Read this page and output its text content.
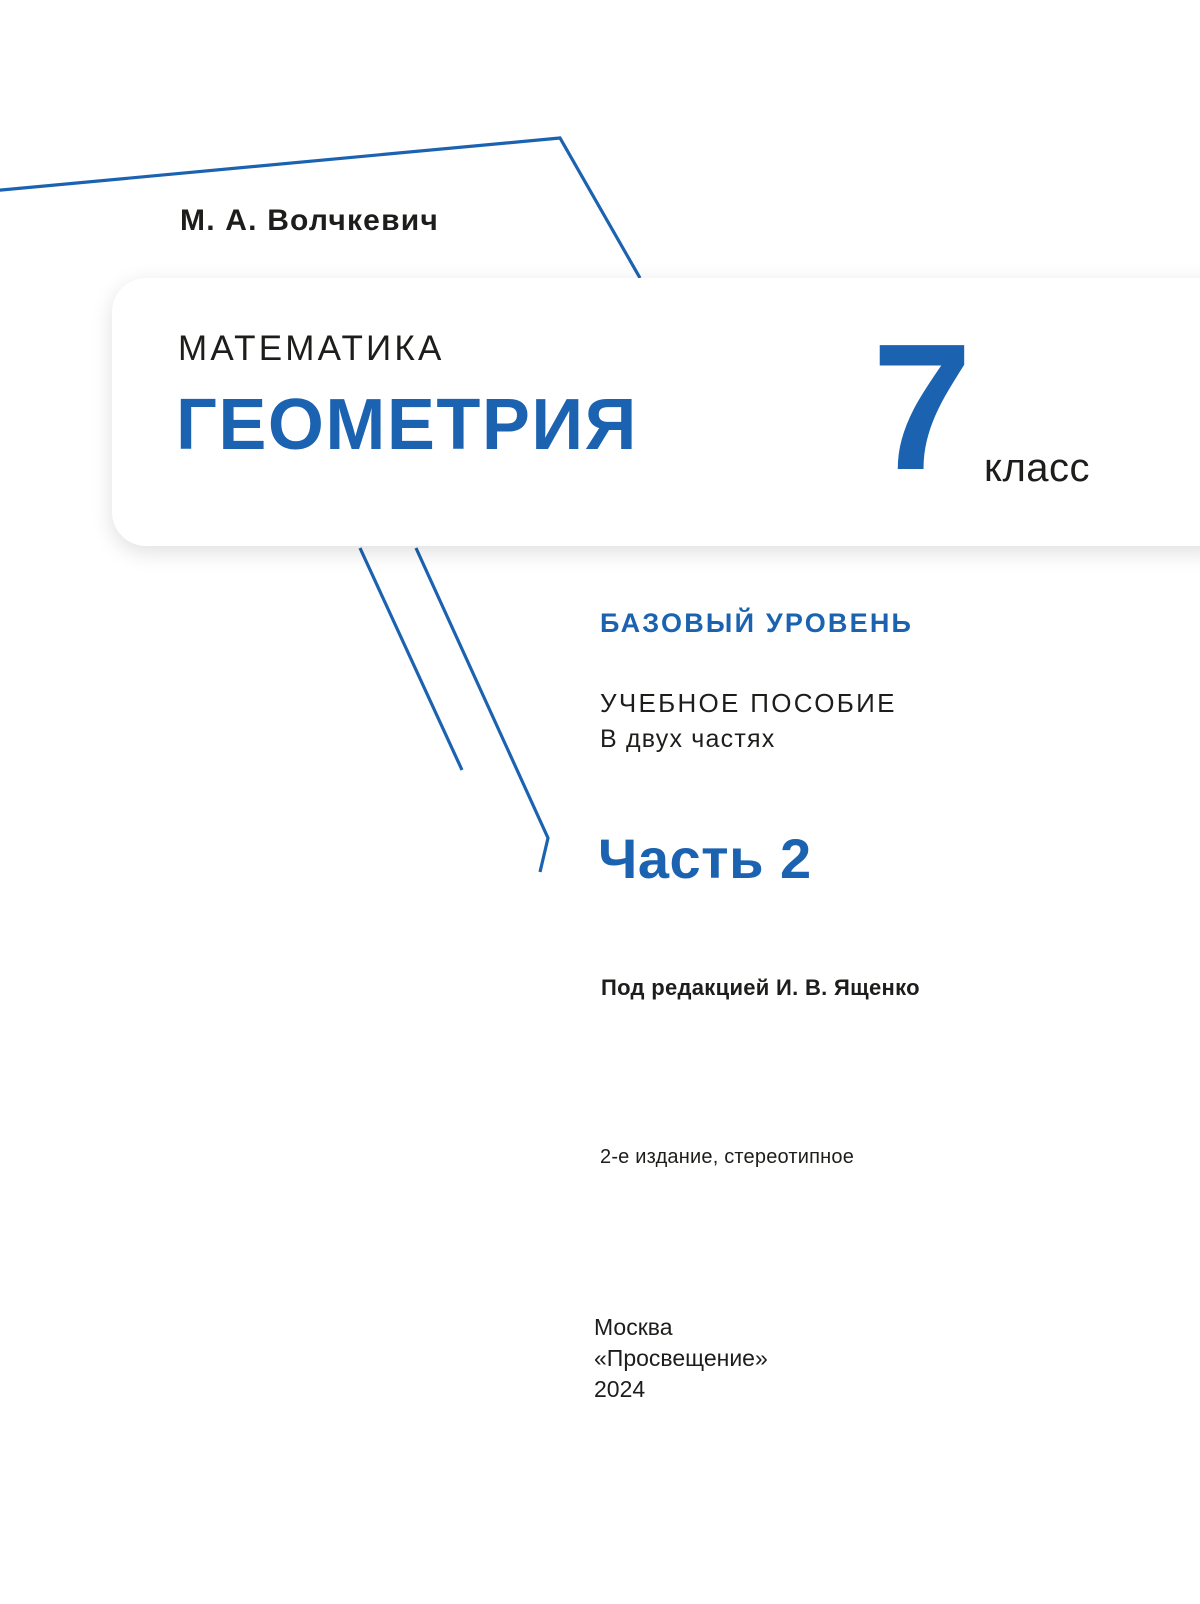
М. А. Волчкевич
МАТЕМАТИКА
ГЕОМЕТРИЯ 7 класс
БАЗОВЫЙ УРОВЕНЬ
УЧЕБНОЕ ПОСОБИЕ
В двух частях
Часть 2
Под редакцией И. В. Ященко
2-е издание, стереотипное
Москва
«Просвещение»
2024
